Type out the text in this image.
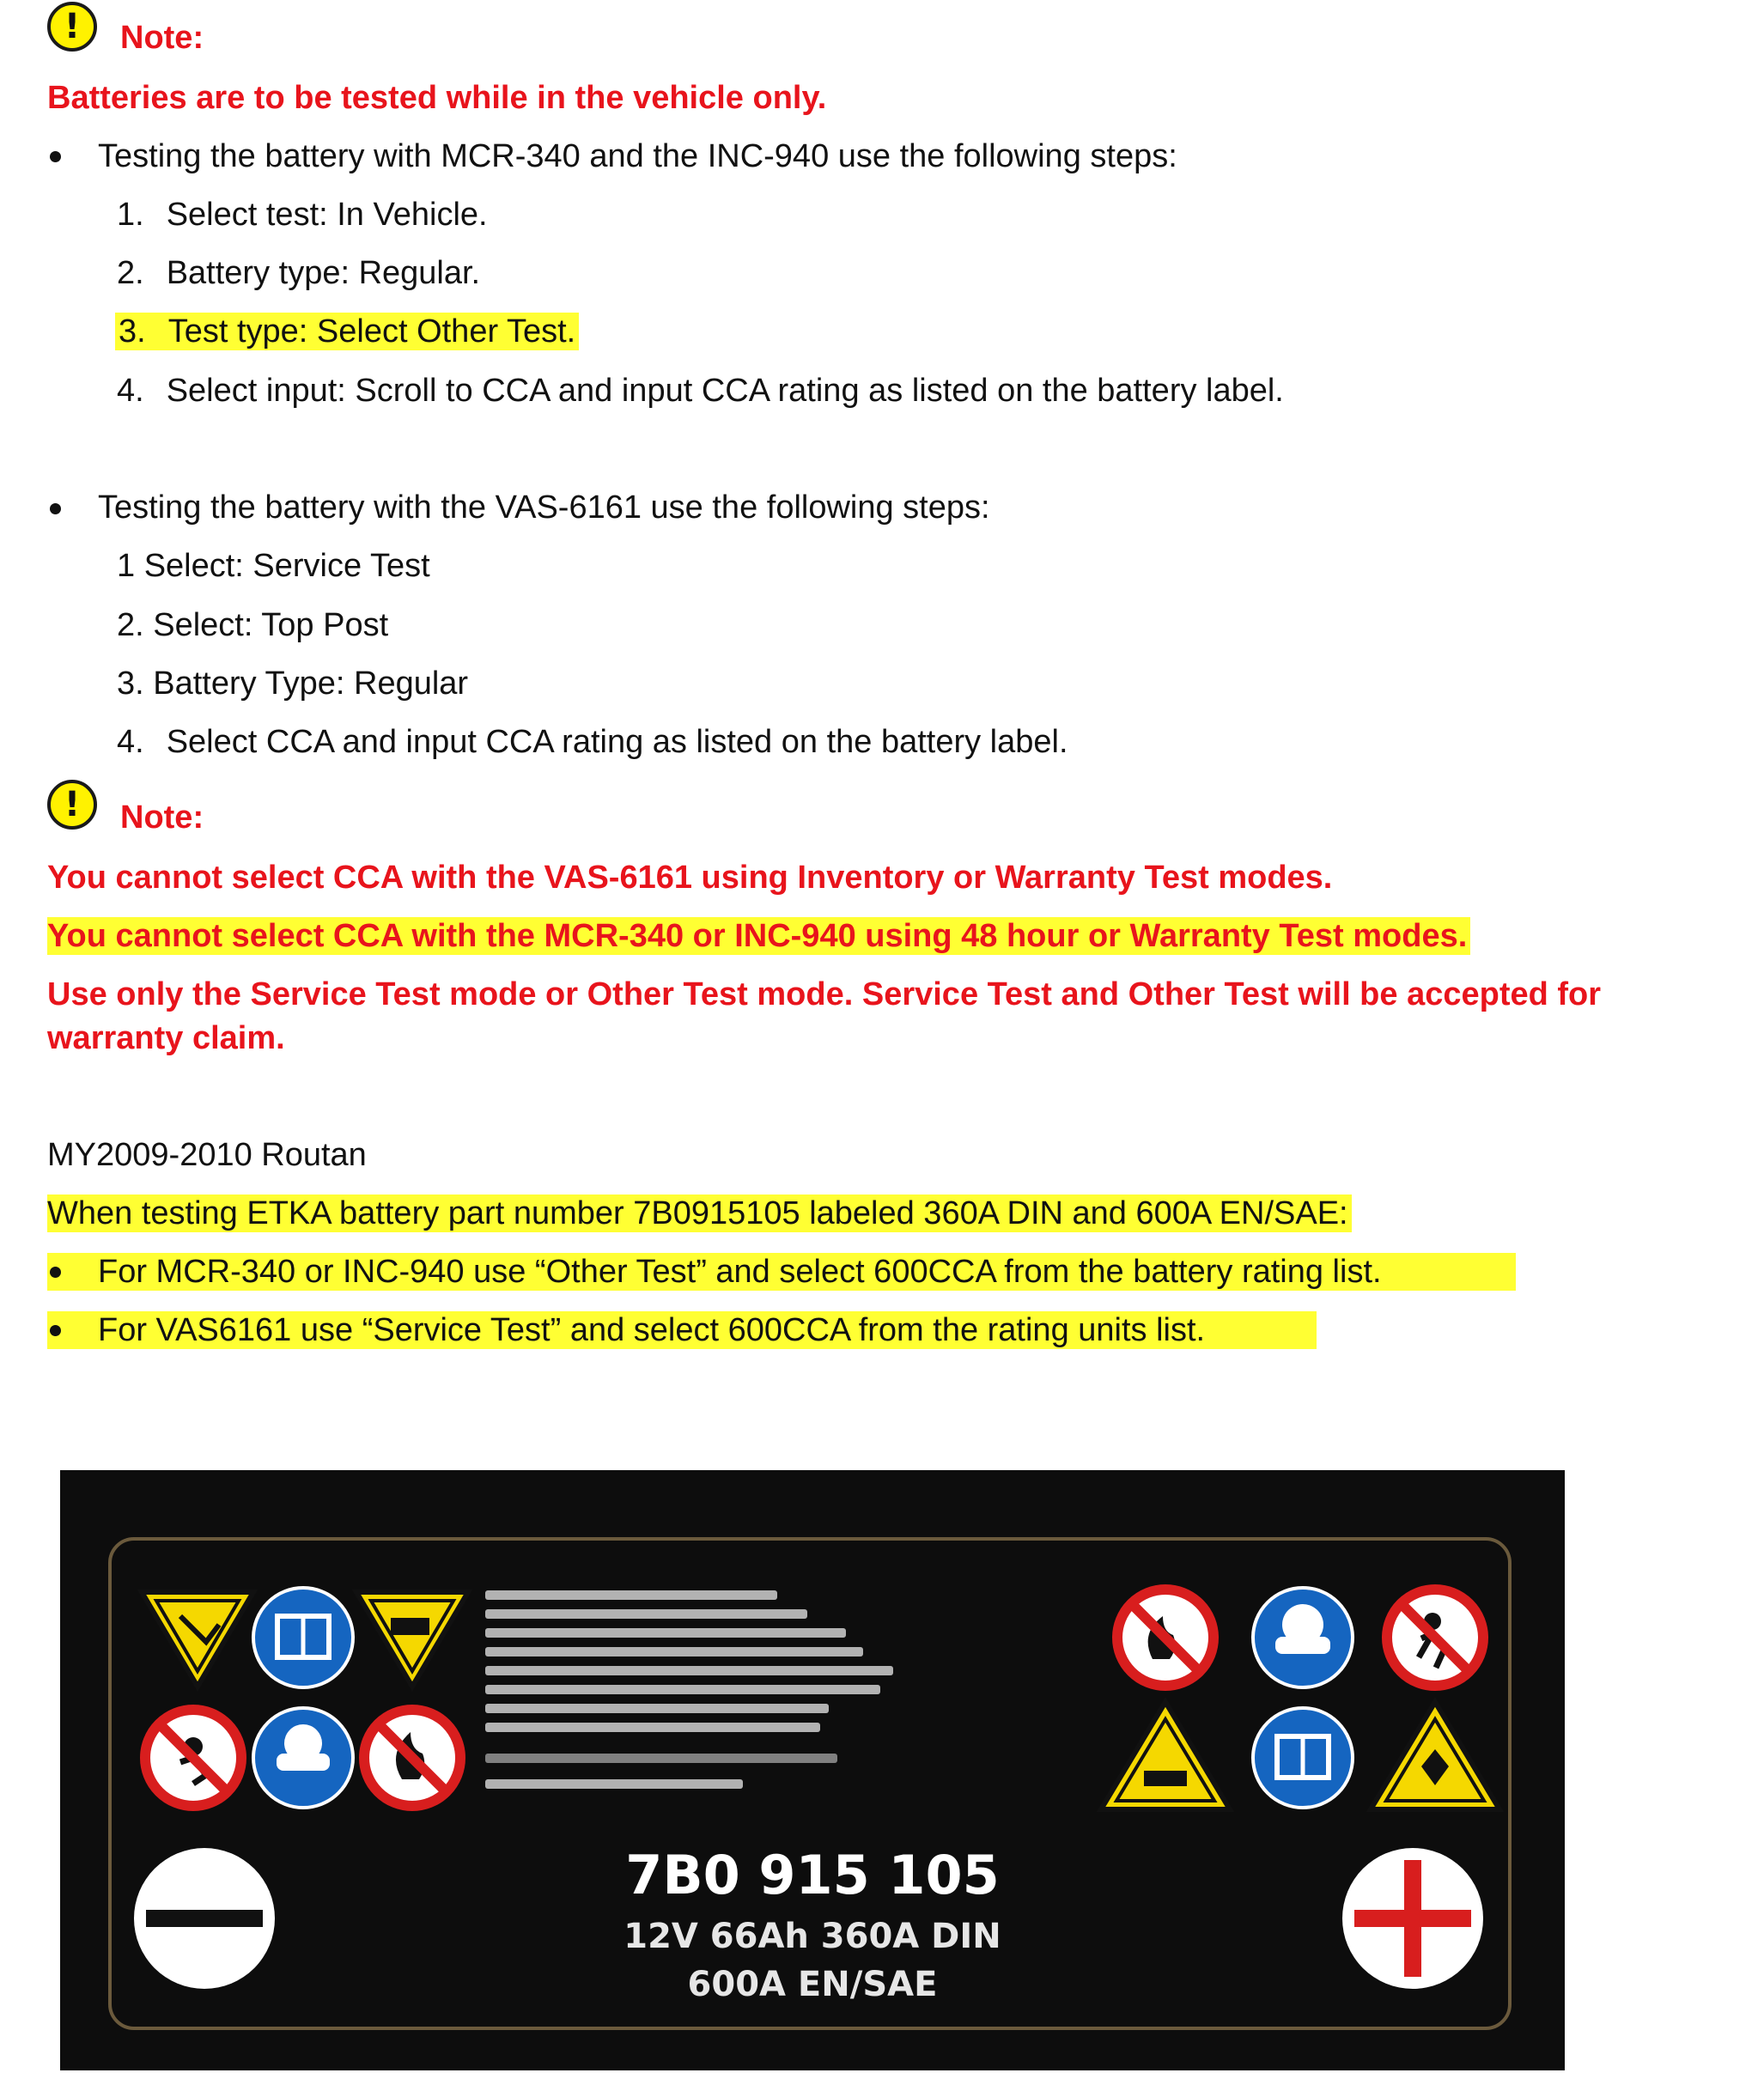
!	Note:
Batteries are to be tested while in the vehicle only.
Testing the battery with MCR-340 and the INC-940 use the following steps:
1. Select test: In Vehicle.
2. Battery type: Regular.
3. Test type: Select Other Test.
4. Select input: Scroll to CCA and input CCA rating as listed on the battery label.
Testing the battery with the VAS-6161 use the following steps:
1 Select: Service Test
2. Select: Top Post
3. Battery Type: Regular
4. Select CCA and input CCA rating as listed on the battery label.
!	Note:
You cannot select CCA with the VAS-6161 using Inventory or Warranty Test modes.
You cannot select CCA with the MCR-340 or INC-940 using 48 hour or Warranty Test modes.
Use only the Service Test mode or Other Test mode. Service Test and Other Test will be accepted for
warranty claim.
MY2009-2010 Routan
When testing ETKA battery part number 7B0915105 labeled 360A DIN and 600A EN/SAE:
For MCR-340 or INC-940 use “Other Test” and select 600CCA from the battery rating list.
For VAS6161 use “Service Test” and select 600CCA from the rating units list.
7B0 915 105
12V 66Ah 360A DIN
600A EN/SAE
